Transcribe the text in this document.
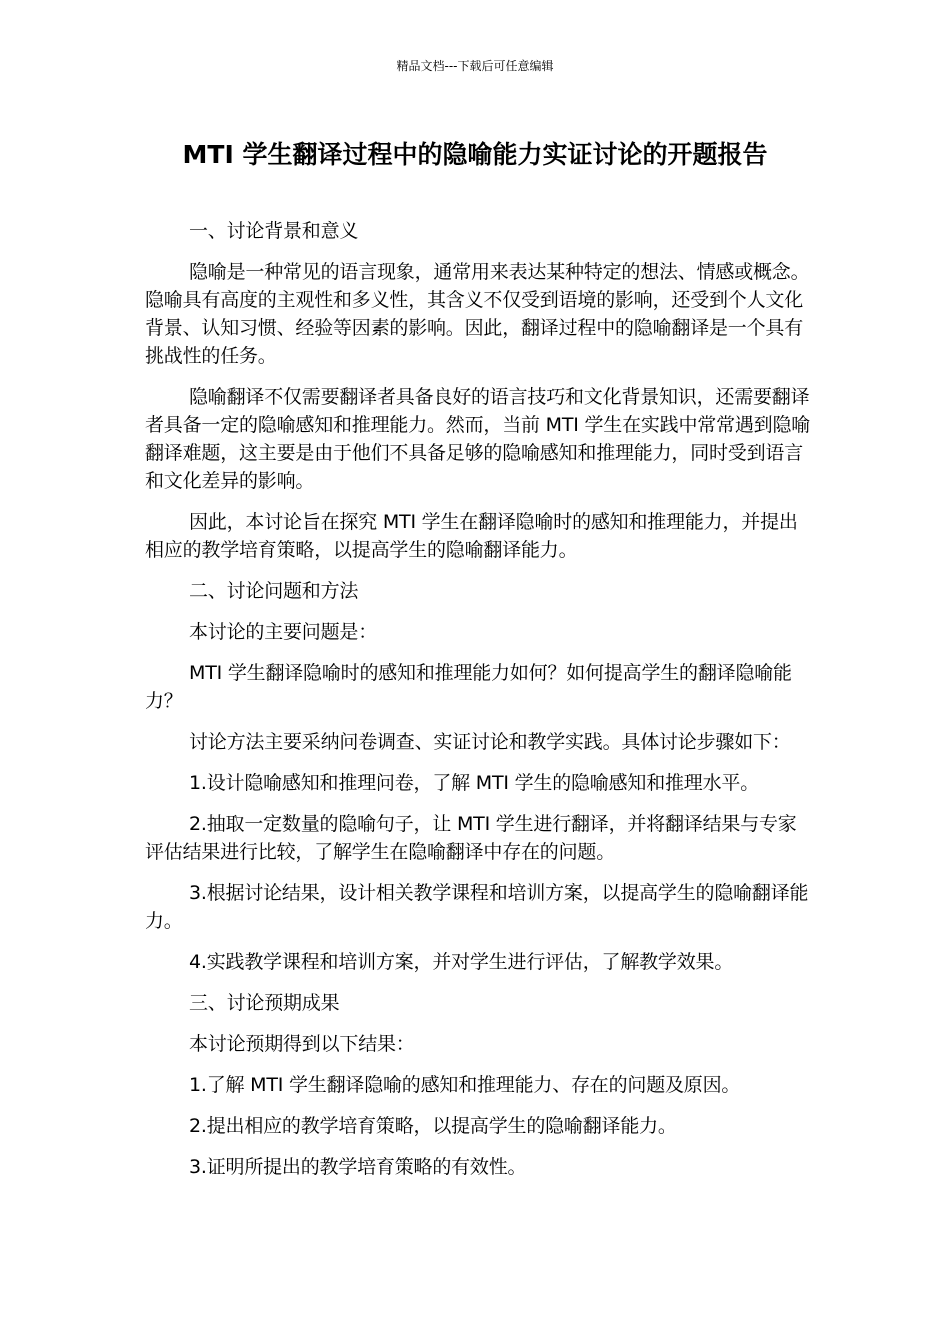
精品文档---下载后可任意编辑
MTI 学生翻译过程中的隐喻能力实证讨论的开题报告

一、讨论背景和意义

隐喻是一种常见的语言现象，通常用来表达某种特定的想法、情感或概念。隐喻具有高度的主观性和多义性，其含义不仅受到语境的影响，还受到个人文化背景、认知习惯、经验等因素的影响。因此，翻译过程中的隐喻翻译是一个具有挑战性的任务。

隐喻翻译不仅需要翻译者具备良好的语言技巧和文化背景知识，还需要翻译者具备一定的隐喻感知和推理能力。然而，当前 MTI 学生在实践中常常遇到隐喻翻译难题，这主要是由于他们不具备足够的隐喻感知和推理能力，同时受到语言和文化差异的影响。

因此，本讨论旨在探究 MTI 学生在翻译隐喻时的感知和推理能力，并提出相应的教学培育策略，以提高学生的隐喻翻译能力。

二、讨论问题和方法

本讨论的主要问题是：

MTI 学生翻译隐喻时的感知和推理能力如何？如何提高学生的翻译隐喻能力？

讨论方法主要采纳问卷调查、实证讨论和教学实践。具体讨论步骤如下：

1.设计隐喻感知和推理问卷，了解 MTI 学生的隐喻感知和推理水平。

2.抽取一定数量的隐喻句子，让 MTI 学生进行翻译，并将翻译结果与专家评估结果进行比较，了解学生在隐喻翻译中存在的问题。

3.根据讨论结果，设计相关教学课程和培训方案，以提高学生的隐喻翻译能力。

4.实践教学课程和培训方案，并对学生进行评估，了解教学效果。

三、讨论预期成果

本讨论预期得到以下结果：

1.了解 MTI 学生翻译隐喻的感知和推理能力、存在的问题及原因。

2.提出相应的教学培育策略，以提高学生的隐喻翻译能力。

3.证明所提出的教学培育策略的有效性。
